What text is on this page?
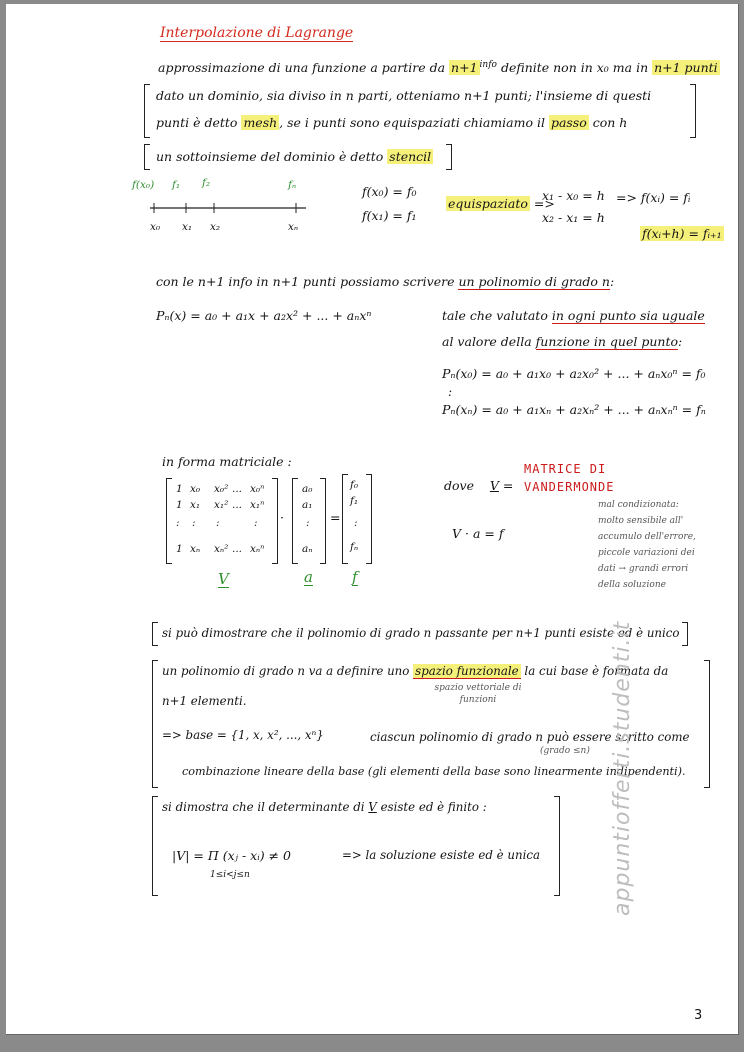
Interpolazione di Lagrange
approssimazione di una funzione a partire da n+1 $^{info}$ definite non in x₀ ma in n+1 punti
dato un dominio, sia diviso in n parti, otteniamo n+1 punti; l'insieme di questi
punti è detto mesh , se i punti sono equispaziati chiamiamo il passo con h
un sottoinsieme del dominio è detto stencil
f(x₀) f₁ f₂	fₙ
x₀ x₁ x₂	xₙ
f(x₀) = f₀
f(x₁) = f₁
equispaziato =>
x₁ - x₀ = h
x₂ - x₁ = h
=> f(xᵢ) = fᵢ
f(xᵢ+h) = fᵢ₊₁
con le n+1 info in n+1 punti possiamo scrivere un polinomio di grado n:
Pₙ(x) = a₀ + a₁x + a₂x² + ... + aₙxⁿ	tale che valutato in ogni punto sia uguale
al valore della funzione in quel punto:
Pₙ(x₀) = a₀ + a₁x₀ + a₂x₀² + ... + aₙx₀ⁿ = f₀
:
Pₙ(xₙ) = a₀ + a₁xₙ + a₂xₙ² + ... + aₙxₙⁿ = fₙ
in forma matriciale :
1 x₀ x₀² ... x₀ⁿ
1 x₁ x₁² ... x₁ⁿ
: : :	:
1 xₙ xₙ² ... xₙⁿ
·
a₀
a₁
:
aₙ
=
f₀
f₁
:
fₙ
V	a	f
dove V =
MATRICE DI
VANDERMONDE
V · a = f
mal condizionata:
molto sensibile all'
accumulo dell'errore,
piccole variazioni dei
dati → grandi errori
della soluzione
si può dimostrare che il polinomio di grado n passante per n+1 punti esiste ed è unico
un polinomio di grado n va a definire uno spazio funzionale la cui base è formata da
spazio vettoriale di funzioni
n+1 elementi.
=> base = {1, x, x², ..., xⁿ}	ciascun polinomio di grado n può essere scritto come
(grado ≤n)
combinazione lineare della base (gli elementi della base sono linearmente indipendenti).
si dimostra che il determinante di V esiste ed è finito :
|V| = Π (xⱼ - xᵢ) ≠ 0
1≤i<j≤n
=> la soluzione esiste ed è unica	appuntiofferti.studenti.it
3
